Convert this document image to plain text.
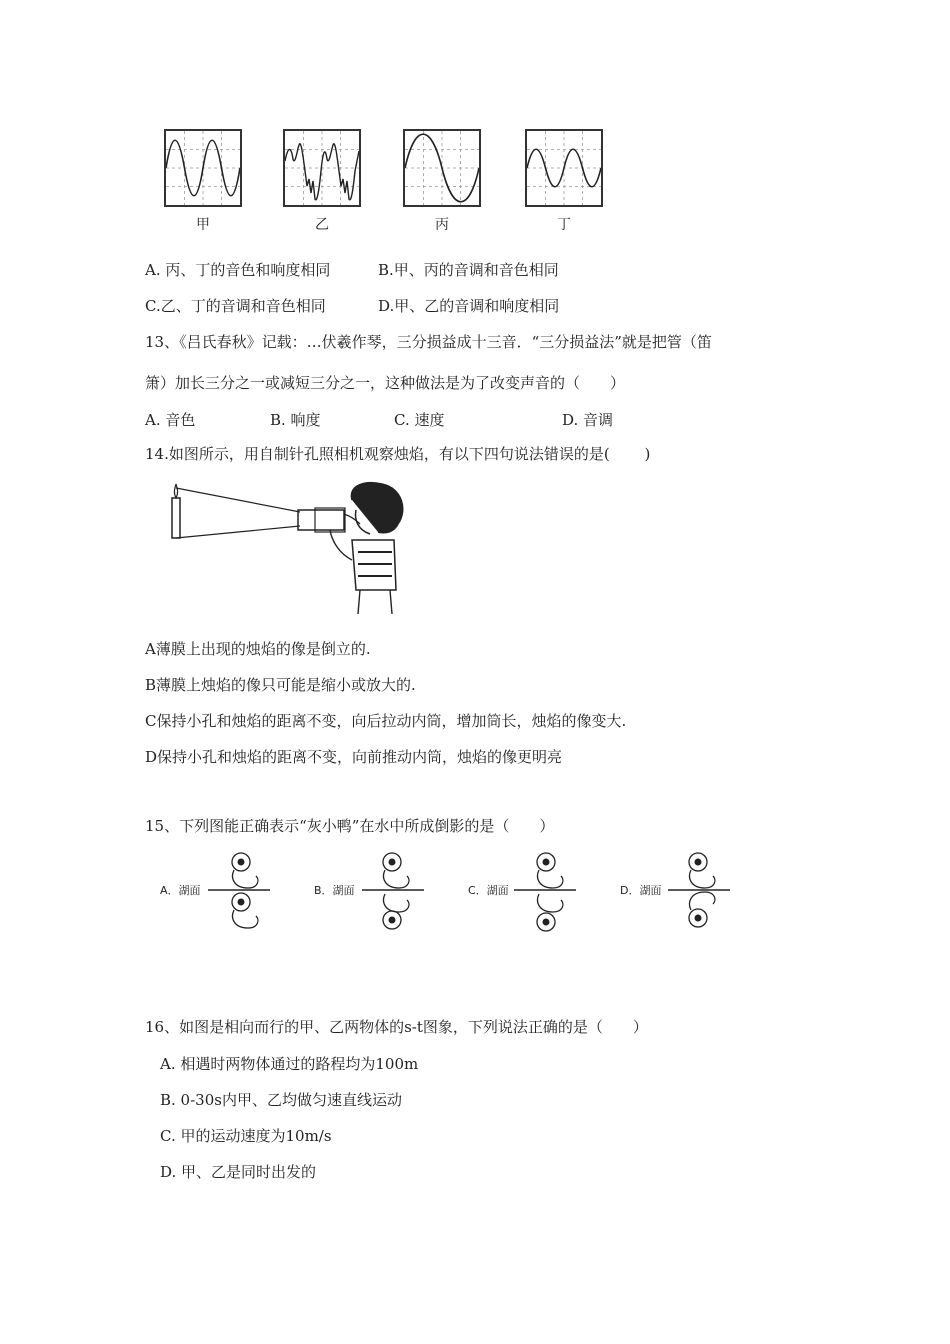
甲	乙	丙	丁
A. 丙、丁的音色和响度相同	B.甲、丙的音调和音色相同
C.乙、丁的音调和音色相同	D.甲、乙的音调和响度相同
13、《吕氏春秋》记载：…伏羲作琴，三分损益成十三音．“三分损益法”就是把管（笛
箫）加长三分之一或减短三分之一，这种做法是为了改变声音的（　　）
A. 音色	B. 响度	C. 速度	D. 音调
14.如图所示，用自制针孔照相机观察烛焰，有以下四句说法错误的是(　　 )
A薄膜上出现的烛焰的像是倒立的.
B薄膜上烛焰的像只可能是缩小或放大的.
C保持小孔和烛焰的距离不变，向后拉动内筒，增加筒长，烛焰的像变大.
D保持小孔和烛焰的距离不变，向前推动内筒，烛焰的像更明亮
15、下列图能正确表示“灰小鸭”在水中所成倒影的是（　　）
A．湖面	B．湖面	C．湖面	D．湖面
16、如图是相向而行的甲、乙两物体的s-t图象，下列说法正确的是（　　）
A. 相遇时两物体通过的路程均为100m
B. 0-30s内甲、乙均做匀速直线运动
C. 甲的运动速度为10m/s
D. 甲、乙是同时出发的
